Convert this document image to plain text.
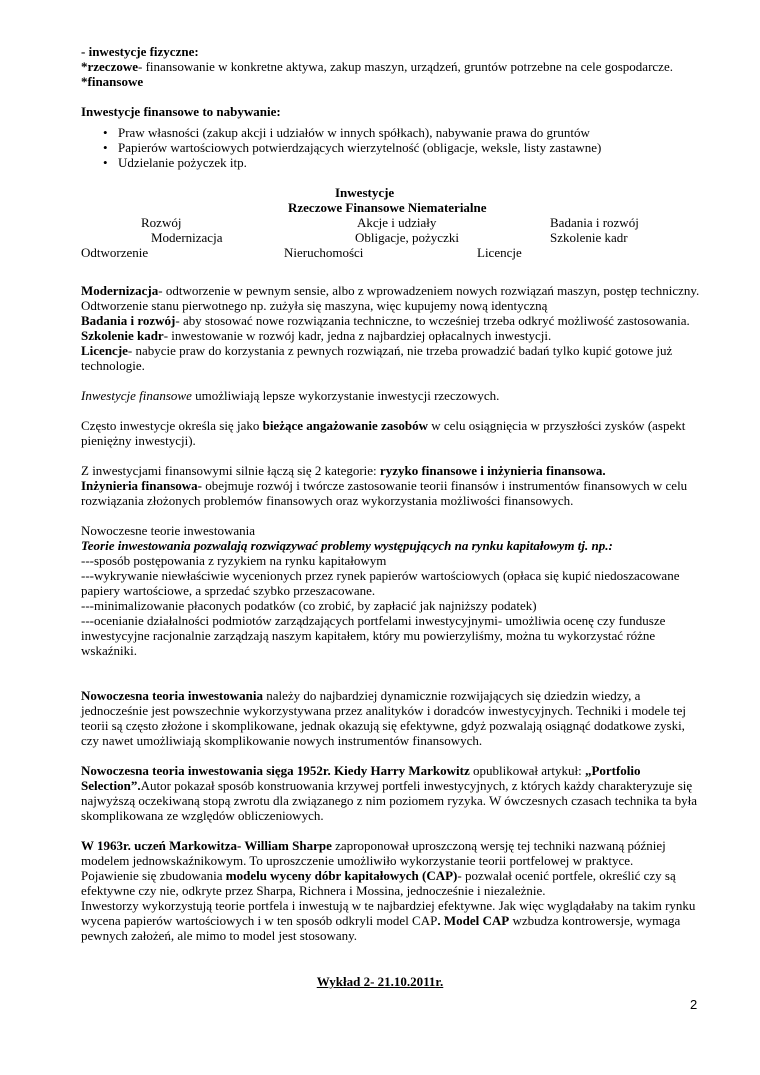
- inwestycje fizyczne:

*rzeczowe- finansowanie w konkretne aktywa, zakup maszyn, urządzeń, gruntów potrzebne na cele gospodarcze.

*finansowe

Inwestycje finansowe to nabywanie:

• Praw własności (zakup akcji i udziałów w innych spółkach), nabywanie prawa do gruntów
• Papierów wartościowych potwierdzających wierzytelność (obligacje, weksle, listy zastawne)
• Udzielanie pożyczek itp.
Inwestycje
Rzeczowe Finansowe Niematerialne
Rozwój	Akcje i udziały	Badania i rozwój
Modernizacja	Obligacje, pożyczki	Szkolenie kadr
Odtworzenie	Nieruchomości	Licencje

Modernizacja- odtworzenie w pewnym sensie, albo z wprowadzeniem nowych rozwiązań maszyn, postęp techniczny.

Odtworzenie stanu pierwotnego np. zużyła się maszyna, więc kupujemy nową identyczną

Badania i rozwój- aby stosować nowe rozwiązania techniczne, to wcześniej trzeba odkryć możliwość zastosowania.

Szkolenie kadr- inwestowanie w rozwój kadr, jedna z najbardziej opłacalnych inwestycji.

Licencje- nabycie praw do korzystania z pewnych rozwiązań, nie trzeba prowadzić badań tylko kupić gotowe już technologie.

Inwestycje finansowe umożliwiają lepsze wykorzystanie inwestycji rzeczowych.

Często inwestycje określa się jako bieżące angażowanie zasobów w celu osiągnięcia w przyszłości zysków (aspekt pieniężny inwestycji).

Z inwestycjami finansowymi silnie łączą się 2 kategorie: ryzyko finansowe i inżynieria finansowa.

Inżynieria finansowa- obejmuje rozwój i twórcze zastosowanie teorii finansów i instrumentów finansowych w celu rozwiązania złożonych problemów finansowych oraz wykorzystania możliwości finansowych.

Nowoczesne teorie inwestowania

Teorie inwestowania pozwalają rozwiązywać problemy występujących na rynku kapitałowym tj. np.:

---sposób postępowania z ryzykiem na rynku kapitałowym

---wykrywanie niewłaściwie wycenionych przez rynek papierów wartościowych (opłaca się kupić niedoszacowane papiery wartościowe, a sprzedać szybko przeszacowane.

---minimalizowanie płaconych podatków (co zrobić, by zapłacić jak najniższy podatek)

---ocenianie działalności podmiotów zarządzających portfelami inwestycyjnymi- umożliwia ocenę czy fundusze inwestycyjne racjonalnie zarządzają naszym kapitałem, który mu powierzyliśmy, można tu wykorzystać różne wskaźniki.

Nowoczesna teoria inwestowania należy do najbardziej dynamicznie rozwijających się dziedzin wiedzy, a jednocześnie jest powszechnie wykorzystywana przez analityków i doradców inwestycyjnych. Techniki i modele tej teorii są często złożone i skomplikowane, jednak okazują się efektywne, gdyż pozwalają osiągnąć dodatkowe zyski, czy nawet umożliwiają skomplikowanie nowych instrumentów finansowych.

Nowoczesna teoria inwestowania sięga 1952r. Kiedy Harry Markowitz opublikował artykuł: „Portfolio Selection”.Autor pokazał sposób konstruowania krzywej portfeli inwestycyjnych, z których każdy charakteryzuje się najwyższą oczekiwaną stopą zwrotu dla związanego z nim poziomem ryzyka. W ówczesnych czasach technika ta była skomplikowana ze względów obliczeniowych.

W 1963r. uczeń Markowitza- William Sharpe zaproponował uproszczoną wersję tej techniki nazwaną później modelem jednowskaźnikowym. To uproszczenie umożliwiło wykorzystanie teorii portfelowej w praktyce.

Pojawienie się zbudowania modelu wyceny dóbr kapitałowych (CAP)- pozwalał ocenić portfele, określić czy są efektywne czy nie, odkryte przez Sharpa, Richnera i Mossina, jednocześnie i niezależnie.

Inwestorzy wykorzystują teorie portfela i inwestują w te najbardziej efektywne. Jak więc wyglądałaby na takim rynku wycena papierów wartościowych i w ten sposób odkryli model CAP. Model CAP wzbudza kontrowersje, wymaga pewnych założeń, ale mimo to model jest stosowany.

Wykład 2- 21.10.2011r.
2
